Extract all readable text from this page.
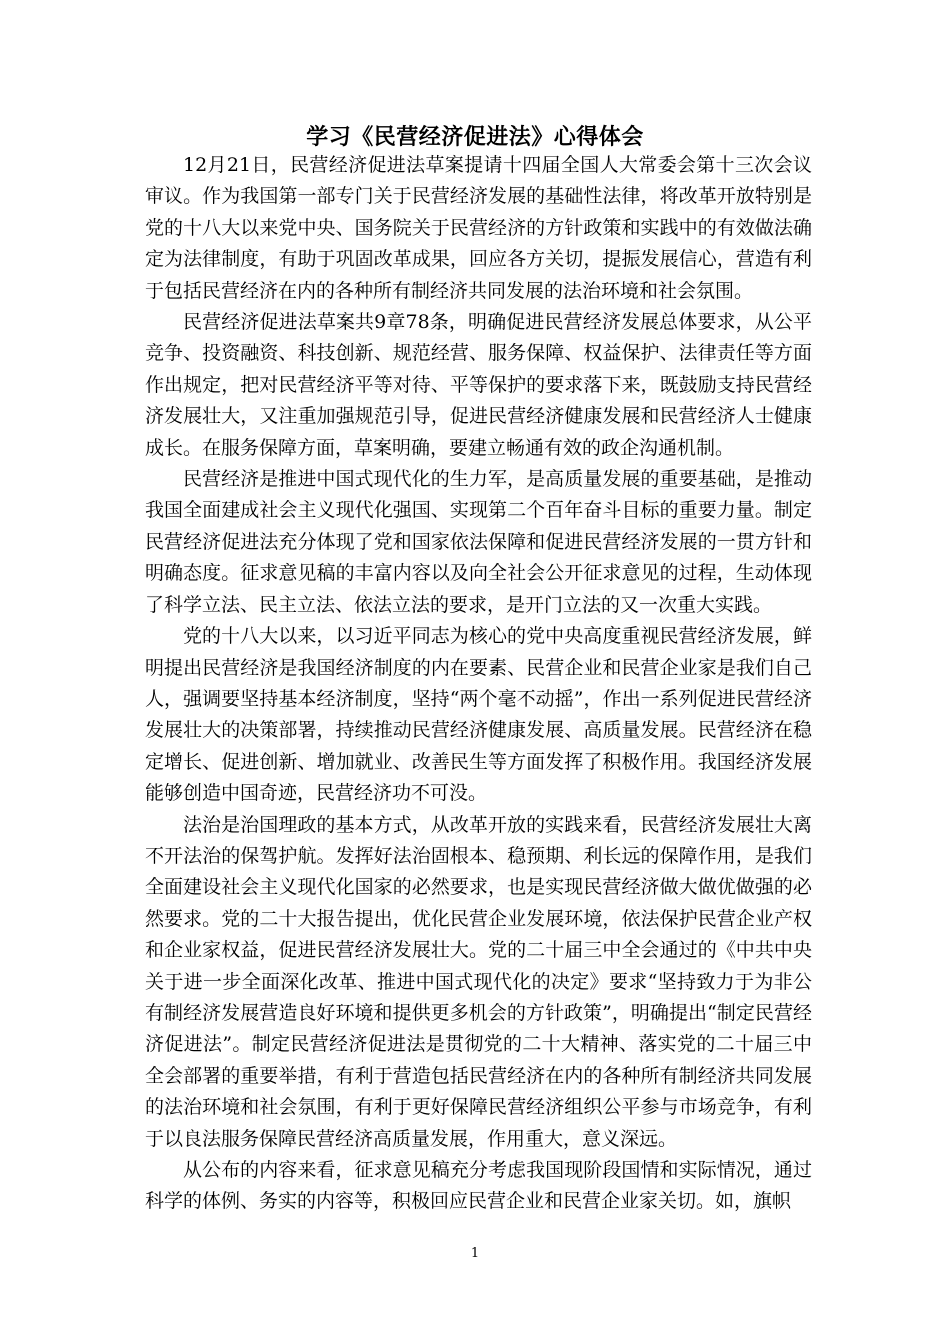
学习《民营经济促进法》心得体会

12月21日，民营经济促进法草案提请十四届全国人大常委会第十三次会议审议。作为我国第一部专门关于民营经济发展的基础性法律，将改革开放特别是党的十八大以来党中央、国务院关于民营经济的方针政策和实践中的有效做法确定为法律制度，有助于巩固改革成果，回应各方关切，提振发展信心，营造有利于包括民营经济在内的各种所有制经济共同发展的法治环境和社会氛围。

民营经济促进法草案共9章78条，明确促进民营经济发展总体要求，从公平竞争、投资融资、科技创新、规范经营、服务保障、权益保护、法律责任等方面作出规定，把对民营经济平等对待、平等保护的要求落下来，既鼓励支持民营经济发展壮大，又注重加强规范引导，促进民营经济健康发展和民营经济人士健康成长。在服务保障方面，草案明确，要建立畅通有效的政企沟通机制。

民营经济是推进中国式现代化的生力军，是高质量发展的重要基础，是推动我国全面建成社会主义现代化强国、实现第二个百年奋斗目标的重要力量。制定民营经济促进法充分体现了党和国家依法保障和促进民营经济发展的一贯方针和明确态度。征求意见稿的丰富内容以及向全社会公开征求意见的过程，生动体现了科学立法、民主立法、依法立法的要求，是开门立法的又一次重大实践。

党的十八大以来，以习近平同志为核心的党中央高度重视民营经济发展，鲜明提出民营经济是我国经济制度的内在要素、民营企业和民营企业家是我们自己人，强调要坚持基本经济制度，坚持“两个毫不动摇”，作出一系列促进民营经济发展壮大的决策部署，持续推动民营经济健康发展、高质量发展。民营经济在稳定增长、促进创新、增加就业、改善民生等方面发挥了积极作用。我国经济发展能够创造中国奇迹，民营经济功不可没。

法治是治国理政的基本方式，从改革开放的实践来看，民营经济发展壮大离不开法治的保驾护航。发挥好法治固根本、稳预期、利长远的保障作用，是我们全面建设社会主义现代化国家的必然要求，也是实现民营经济做大做优做强的必然要求。党的二十大报告提出，优化民营企业发展环境，依法保护民营企业产权和企业家权益，促进民营经济发展壮大。党的二十届三中全会通过的《中共中央关于进一步全面深化改革、推进中国式现代化的决定》要求“坚持致力于为非公有制经济发展营造良好环境和提供更多机会的方针政策”，明确提出“制定民营经济促进法”。制定民营经济促进法是贯彻党的二十大精神、落实党的二十届三中全会部署的重要举措，有利于营造包括民营经济在内的各种所有制经济共同发展的法治环境和社会氛围，有利于更好保障民营经济组织公平参与市场竞争，有利于以良法服务保障民营经济高质量发展，作用重大，意义深远。

从公布的内容来看，征求意见稿充分考虑我国现阶段国情和实际情况，通过科学的体例、务实的内容等，积极回应民营企业和民营企业家关切。如，旗帜

1
